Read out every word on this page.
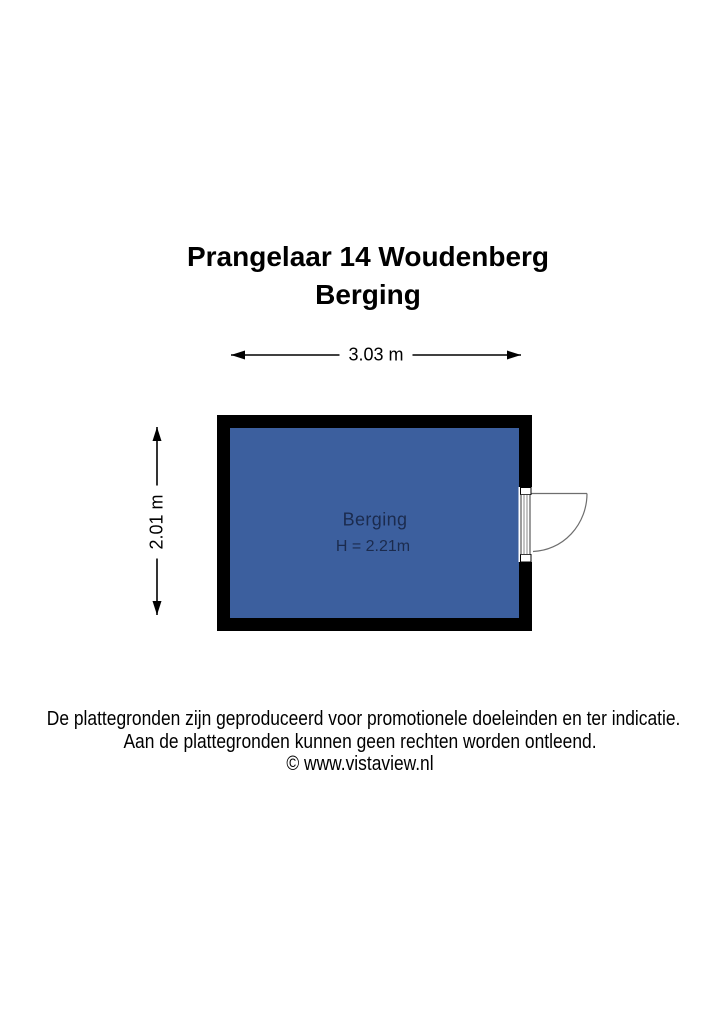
Prangelaar 14 Woudenberg
Berging
3.03 m
2.01 m	Berging
H = 2.21m
De plattegronden zijn geproduceerd voor promotionele doeleinden en ter indicatie.
Aan de plattegronden kunnen geen rechten worden ontleend.
© www.vistaview.nl
